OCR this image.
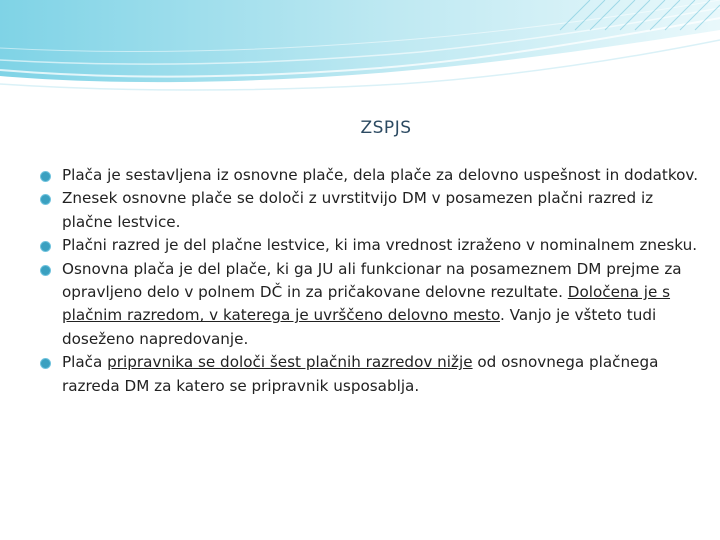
ZSPJS
Plača je sestavljena iz osnovne plače, dela plače za delovno uspešnost in dodatkov.
Znesek osnovne plače se določi z uvrstitvijo DM v posamezen plačni razred iz plačne lestvice.
Plačni razred je del plačne lestvice, ki ima vrednost izraženo v nominalnem znesku.
Osnovna plača je del plače, ki ga JU ali funkcionar na posameznem DM prejme za opravljeno delo v polnem DČ in za pričakovane delovne rezultate. Določena je s plačnim razredom, v katerega je uvrščeno delovno mesto. Vanjo je všteto tudi doseženo napredovanje.
Plača pripravnika se določi šest plačnih razredov nižje od osnovnega plačnega razreda DM za katero se pripravnik usposablja.
